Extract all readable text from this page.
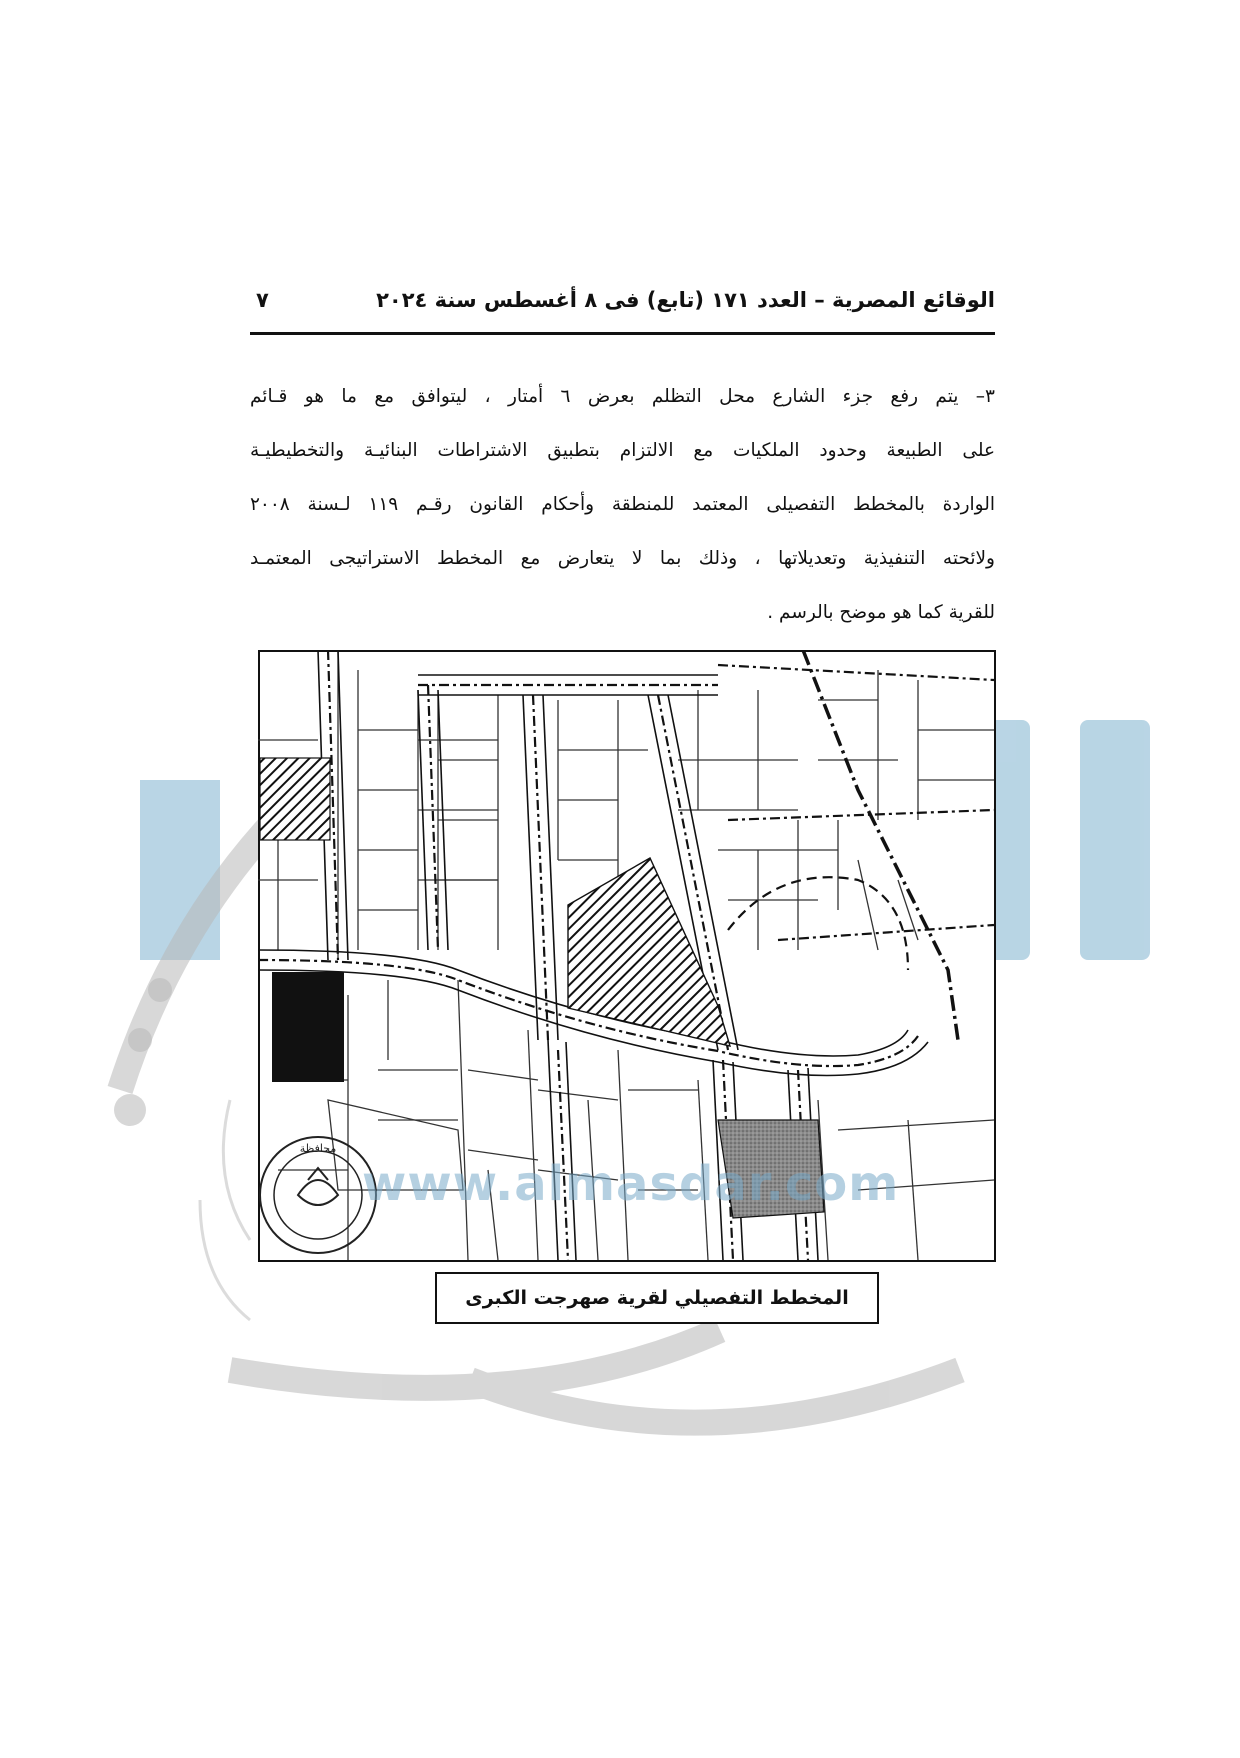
الوقائع المصرية – العدد ١٧١ (تابع) فى ٨ أغسطس سنة ٢٠٢٤
٧
٣– يتم رفع جزء الشارع محل التظلم بعرض ٦ أمتار ، ليتوافق مع ما هو قـائم
على الطبيعة وحدود الملكيات مع الالتزام بتطبيق الاشتراطات البنائيـة والتخطيطيـة
الواردة بالمخطط التفصيلى المعتمد للمنطقة وأحكام القانون رقـم ١١٩ لـسنة ٢٠٠٨
ولائحته التنفيذية وتعديلاتها ، وذلك بما لا يتعارض مع المخطط الاستراتيجى المعتمـد
للقرية كما هو موضح بالرسم .
محافظة
المخطط التفصيلي لقرية صهرجت الكبرى
www.almasdar.com
